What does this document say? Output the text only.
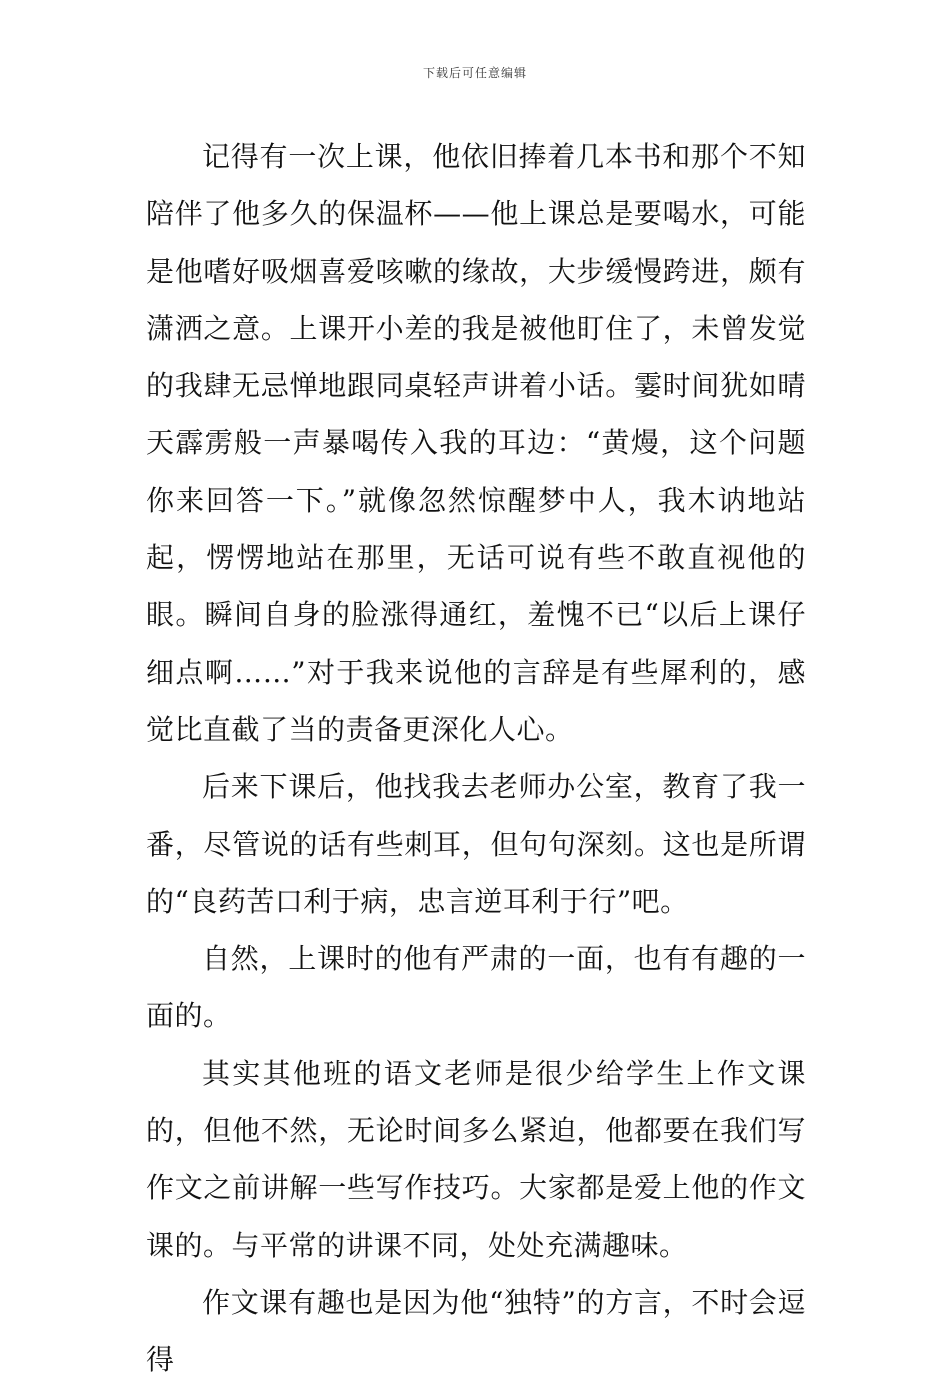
下载后可任意编辑

记得有一次上课，他依旧捧着几本书和那个不知陪伴了他多久的保温杯——他上课总是要喝水，可能是他嗜好吸烟喜爱咳嗽的缘故，大步缓慢跨进，颇有潇洒之意。上课开小差的我是被他盯住了，未曾发觉的我肆无忌惮地跟同桌轻声讲着小话。霎时间犹如晴天霹雳般一声暴喝传入我的耳边：“黄熳，这个问题你来回答一下。”就像忽然惊醒梦中人，我木讷地站起，愣愣地站在那里，无话可说有些不敢直视他的眼。瞬间自身的脸涨得通红，羞愧不已“以后上课仔细点啊……”对于我来说他的言辞是有些犀利的，感觉比直截了当的责备更深化人心。

后来下课后，他找我去老师办公室，教育了我一番，尽管说的话有些刺耳，但句句深刻。这也是所谓的“良药苦口利于病，忠言逆耳利于行”吧。

自然，上课时的他有严肃的一面，也有有趣的一面的。

其实其他班的语文老师是很少给学生上作文课的，但他不然，无论时间多么紧迫，他都要在我们写作文之前讲解一些写作技巧。大家都是爱上他的作文课的。与平常的讲课不同，处处充满趣味。

作文课有趣也是因为他“独特”的方言，不时会逗得
